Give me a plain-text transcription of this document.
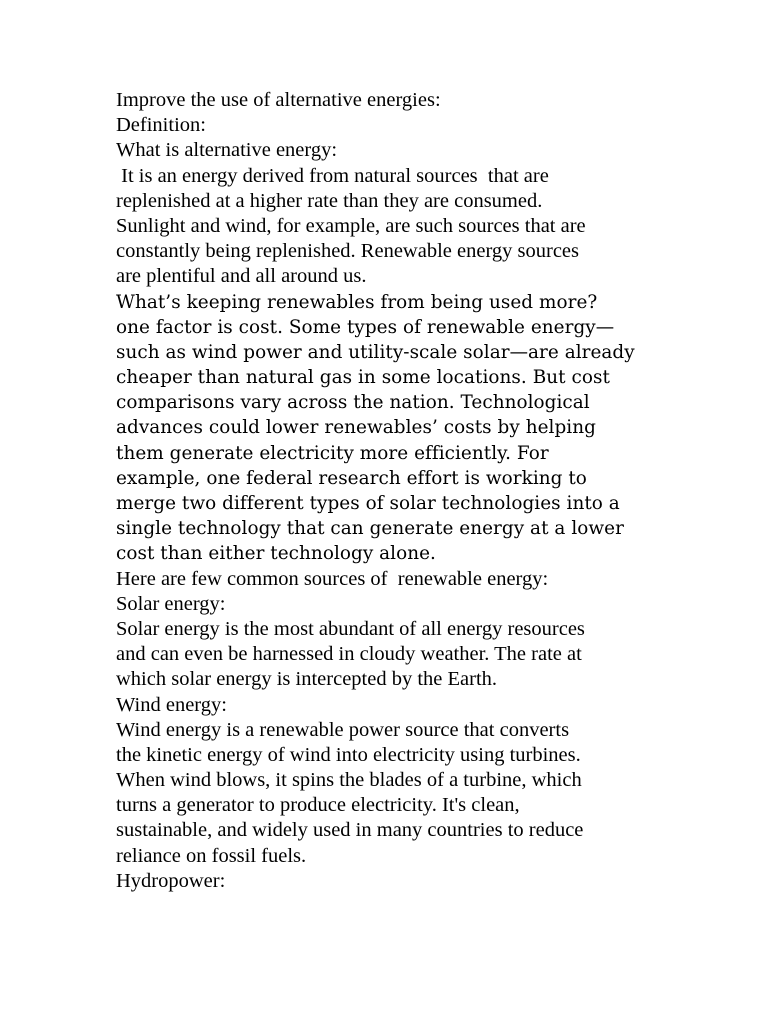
Improve the use of alternative energies:
Definition:
What is alternative energy:
It is an energy derived from natural sources  that are
replenished at a higher rate than they are consumed.
Sunlight and wind, for example, are such sources that are
constantly being replenished. Renewable energy sources
are plentiful and all around us.
What’s keeping renewables from being used more?
one factor is cost. Some types of renewable energy—
such as wind power and utility-scale solar—are already
cheaper than natural gas in some locations. But cost
comparisons vary across the nation. Technological
advances could lower renewables’ costs by helping
them generate electricity more efficiently. For
example, one federal research effort is working to
merge two different types of solar technologies into a
single technology that can generate energy at a lower
cost than either technology alone.
Here are few common sources of  renewable energy:
Solar energy:
Solar energy is the most abundant of all energy resources
and can even be harnessed in cloudy weather. The rate at
which solar energy is intercepted by the Earth.
Wind energy:
Wind energy is a renewable power source that converts
the kinetic energy of wind into electricity using turbines.
When wind blows, it spins the blades of a turbine, which
turns a generator to produce electricity. It's clean,
sustainable, and widely used in many countries to reduce
reliance on fossil fuels.
Hydropower:
